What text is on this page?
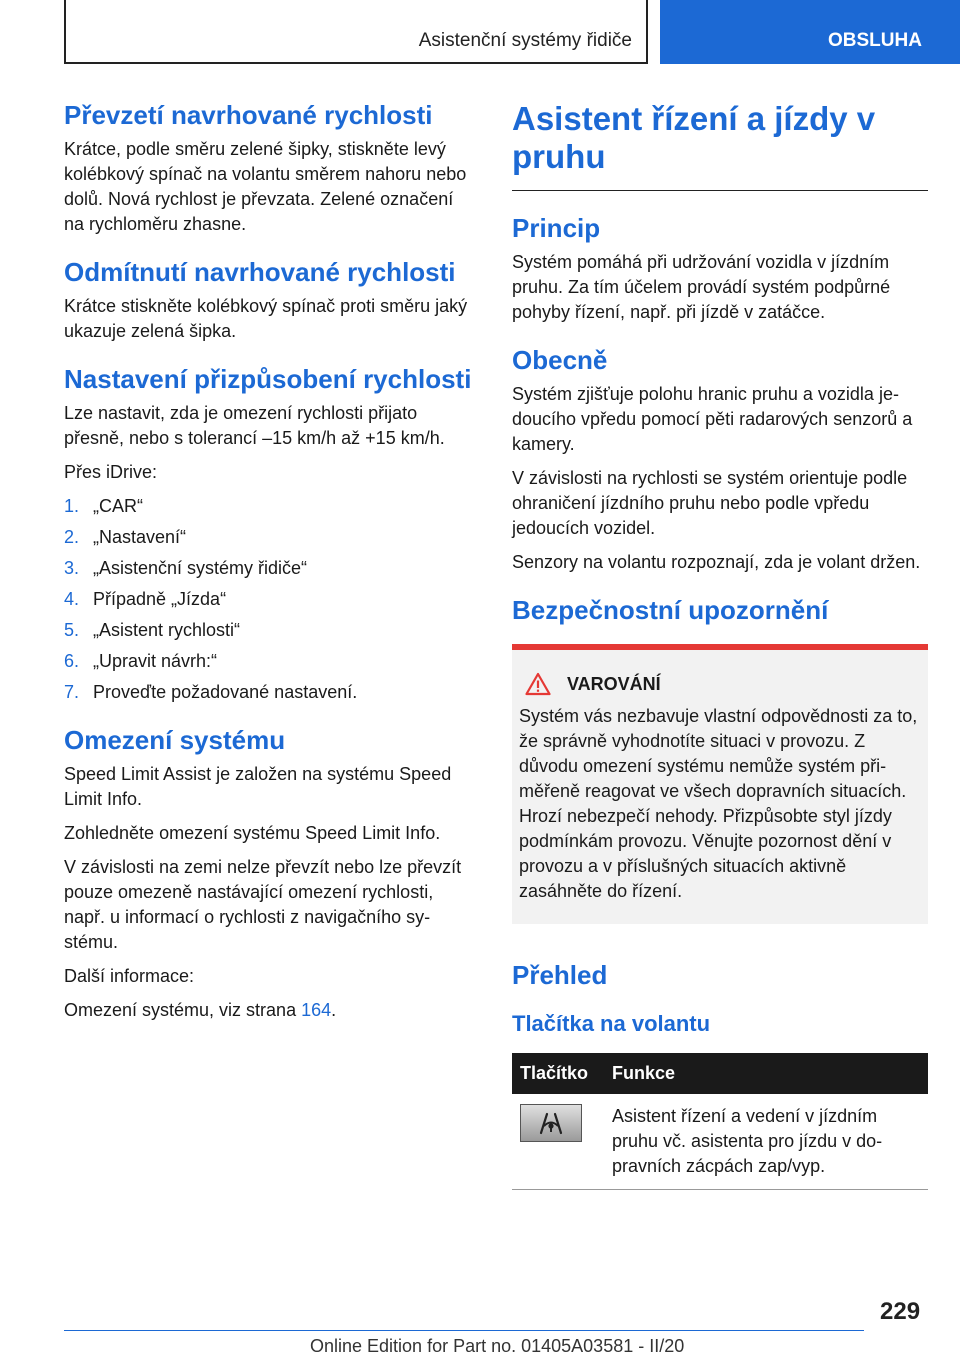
Asistenční systémy řidiče	OBSLUHA
Převzetí navrhované rychlosti

Krátce, podle směru zelené šipky, stiskněte levý kolébkový spínač na volantu směrem nahoru nebo dolů. Nová rychlost je převzata. Zelené označení na rychloměru zhasne.

Odmítnutí navrhované rychlosti

Krátce stiskněte kolébkový spínač proti směru jaký ukazuje zelená šipka.

Nastavení přizpůsobení rychlosti

Lze nastavit, zda je omezení rychlosti přijato přesně, nebo s tolerancí –15 km/h až +15 km/h.

Přes iDrive:

1. „CAR“
2. „Nastavení“
3. „Asistenční systémy řidiče“
4. Případně „Jízda“
5. „Asistent rychlosti“
6. „Upravit návrh:“
7. Proveďte požadované nastavení.
Omezení systému

Speed Limit Assist je založen na systému Speed Limit Info.

Zohledněte omezení systému Speed Limit Info.

V závislosti na zemi nelze převzít nebo lze převzít pouze omezeně nastávající omezení rychlosti, např. u informací o rychlosti z navigačního systému.

Další informace:

Omezení systému, viz strana 164.

Asistent řízení a jízdy v pruhu
Princip

Systém pomáhá při udržování vozidla v jízdním pruhu. Za tím účelem provádí systém podpůrné pohyby řízení, např. při jízdě v zatáčce.

Obecně

Systém zjišťuje polohu hranic pruhu a vozidla jedoucího vpředu pomocí pěti radarových senzorů a kamery.

V závislosti na rychlosti se systém orientuje podle ohraničení jízdního pruhu nebo podle vpředu jedoucích vozidel.

Senzory na volantu rozpoznají, zda je volant držen.

Bezpečnostní upozornění
VAROVÁNÍ

Systém vás nezbavuje vlastní odpovědnosti za to, že správně vyhodnotíte situaci v provozu. Z důvodu omezení systému nemůže systém přiměřeně reagovat ve všech dopravních situacích. Hrozí nebezpečí nehody. Přizpůsobte styl jízdy podmínkám provozu. Věnujte pozornost dění v provozu a v příslušných situacích aktivně zasáhněte do řízení.

Přehled
Tlačítka na volantu
Tlačítko	Funkce

	Asistent řízení a vedení v jízdním pruhu vč. asistenta pro jízdu v dopravních zácpách zap/vyp.
229
Online Edition for Part no. 01405A03581 - II/20
